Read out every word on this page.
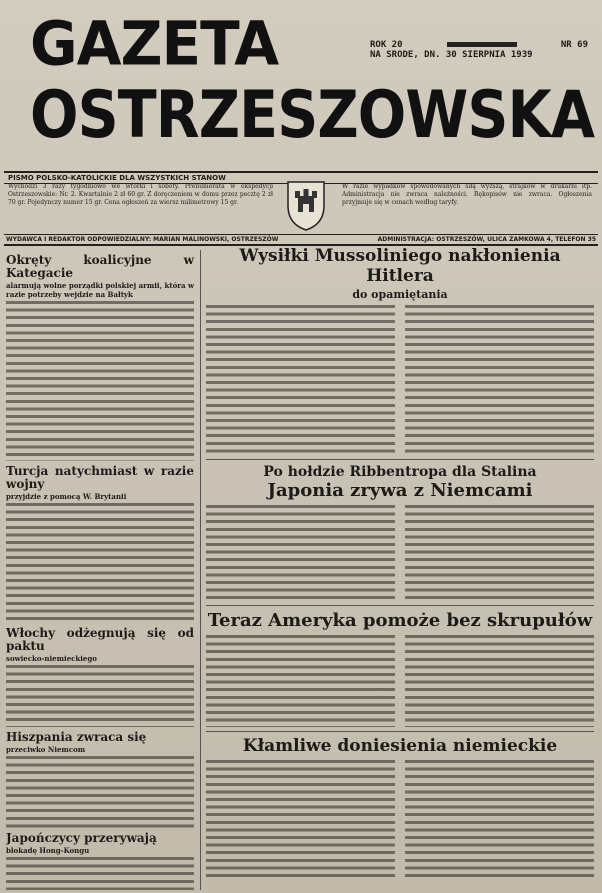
GAZETA
OSTRZESZOWSKA
ROK 20	NR 69
NA SRODE, DN. 30 SIERPNIA 1939
PISMO POLSKO-KATOLICKIE DLA WSZYSTKICH STANOW
Wychodzi 3 razy tygodniowo we wtorki i soboty. Prenumerata w ekspedycji Ostrzeszowskie: Nr. 2. Kwartalnie 2 zł 60 gr. Z doręczeniem w domu przez pocztę 2 zł 70 gr. Pojedynczy numer 15 gr. Cena ogłoszeń za wiersz milimetrowy 15 gr.
W razie wypadków spowodowanych siłą wyższą, strajków w drukarni itp. Administracja nie zwraca należności. Rękopisów nie zwraca. Ogłoszenia przyjmuje się w cenach według taryfy.
WYDAWCA I REDAKTOR ODPOWIEDZIALNY: MARIAN MALINOWSKI, OSTRZESZÓW	ADMINISTRACJA: OSTRZESZÓW, ULICA ZAMKOWA 4, TELEFON 35
Okręty koalicyjne w Kategacie
alarmują wolne porządki polskiej armii, która w razie potrzeby wejdzie na Bałtyk
Turcja natychmiast w razie wojny
przyjdzie z pomocą W. Brytanii
Włochy odżegnują się od paktu
sowiecko-niemieckiego
Hiszpania zwraca się
przeciwko Niemcom
Japończycy przerywają
blokadę Hong-Kongu
Wysiłki Mussoliniego nakłonienia Hitlera
do opamiętania
Po hołdzie Ribbentropa dla Stalina
Japonia zrywa z Niemcami
Teraz Ameryka pomoże bez skrupułów
Kłamliwe doniesienia niemieckie
